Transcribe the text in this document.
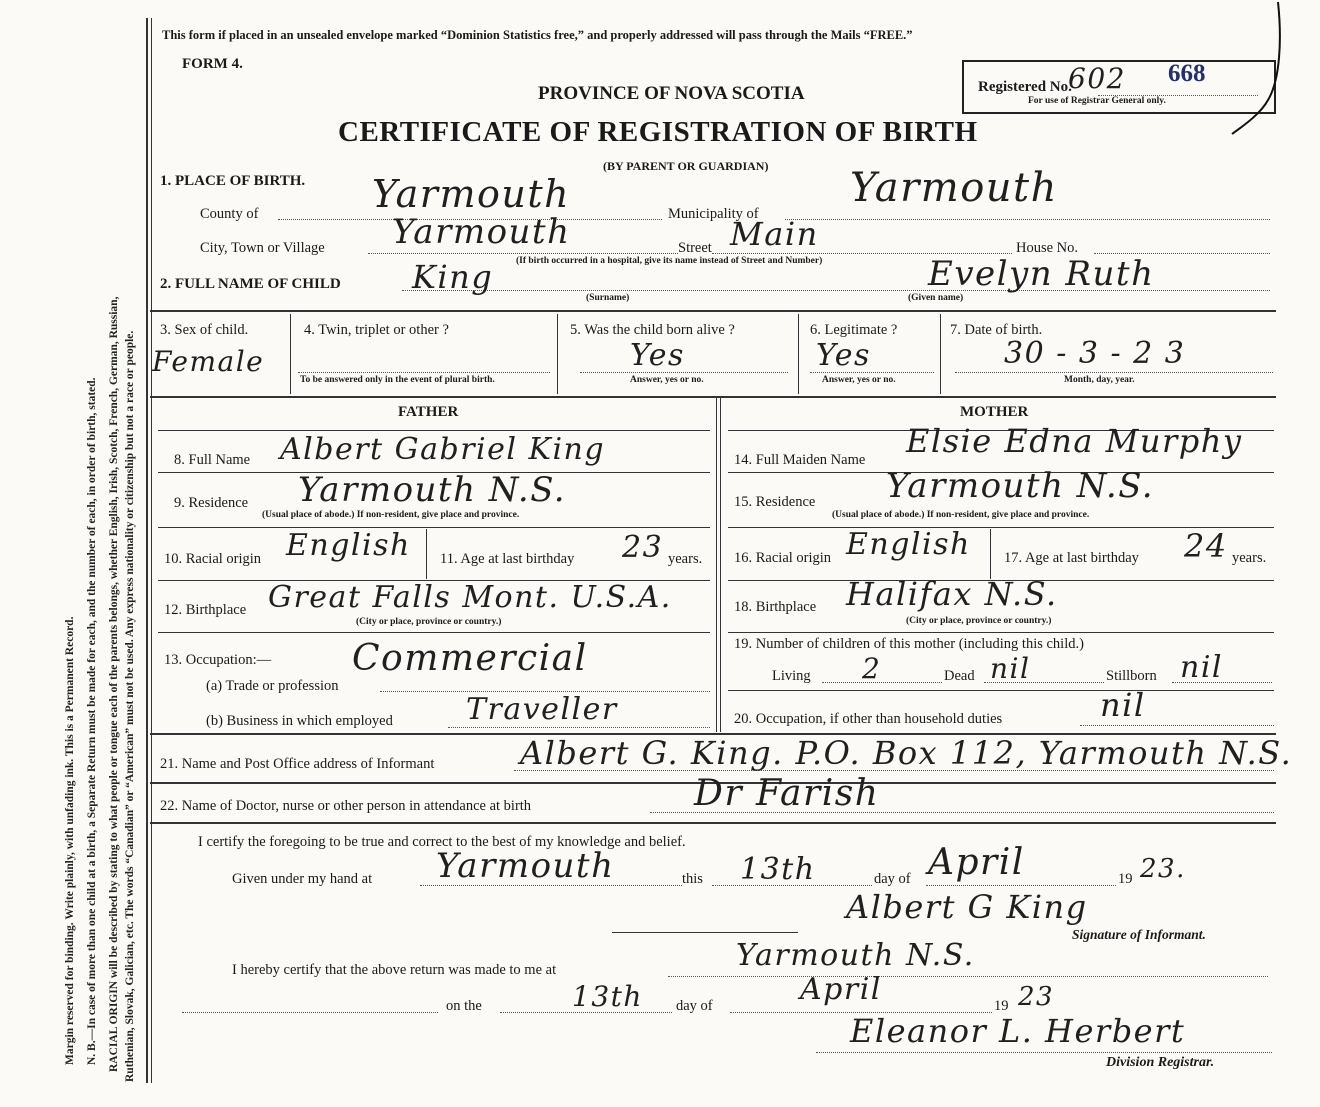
Margin reserved for binding. Write plainly, with unfading ink. This is a Permanent Record. N. B.—In case of more than one child at a birth, a Separate Return must be made for each, and the number of each, in order of birth, stated. RACIAL ORIGIN will be described by stating to what people or tongue each of the parents belongs, whether English, Irish, Scotch, French, German, Russian, Ruthenian, Slovak, Galician, etc. The words “Canadian” or “American” must not be used. Any express nationality or citizenship but not a race or people.
This form if placed in an unsealed envelope marked “Dominion Statistics free,” and properly addressed will pass through the Mails “FREE.”
FORM 4.
PROVINCE OF NOVA SCOTIA
CERTIFICATE OF REGISTRATION OF BIRTH
(BY PARENT OR GUARDIAN)
Registered No.
602 668
For use of Registrar General only.
1. PLACE OF BIRTH.
County of	Yarmouth	Municipality of
Yarmouth
City, Town or Village Yarmouth	Street Main	House No.
(If birth occurred in a hospital, give its name instead of Street and Number)
2. FULL NAME OF CHILD King
(Surname)
Evelyn Ruth
(Given name)
3. Sex of child.
Female
4. Twin, triplet or other ?
To be answered only in the event of plural birth.
5. Was the child born alive ?
Yes
Answer, yes or no.
6. Legitimate ?
Yes
Answer, yes or no.
7. Date of birth.
30 - 3 - 2 3
Month, day, year.
FATHER	MOTHER
8. Full Name Albert Gabriel King
9. Residence Yarmouth N.S.
(Usual place of abode.) If non-resident, give place and province.
10. Racial origin English 11. Age at last birthday 23 years.
12. Birthplace Great Falls Mont. U.S.A.
(City or place, province or country.)
13. Occupation:—
(a) Trade or profession
Commercial
(b) Business in which employed Traveller
14. Full Maiden Name Elsie Edna Murphy
15. Residence Yarmouth N.S.
(Usual place of abode.) If non-resident, give place and province.
16. Racial origin English 17. Age at last birthday 24 years.
18. Birthplace Halifax N.S.
(City or place, province or country.)
19. Number of children of this mother (including this child.)
Living 2	Dead nil	Stillborn nil
20. Occupation, if other than household duties	nil
21. Name and Post Office address of Informant	Albert G. King. P.O. Box 112, Yarmouth N.S.
22. Name of Doctor, nurse or other person in attendance at birth	Dr Farish
I certify the foregoing to be true and correct to the best of my knowledge and belief.
Given under my hand at Yarmouth	this 13th	day of April	19 23.
Albert G King
Signature of Informant.
I hereby certify that the above return was made to me at	Yarmouth N.S.
on the	13th day of	April	19 23
Eleanor L. Herbert
Division Registrar.
